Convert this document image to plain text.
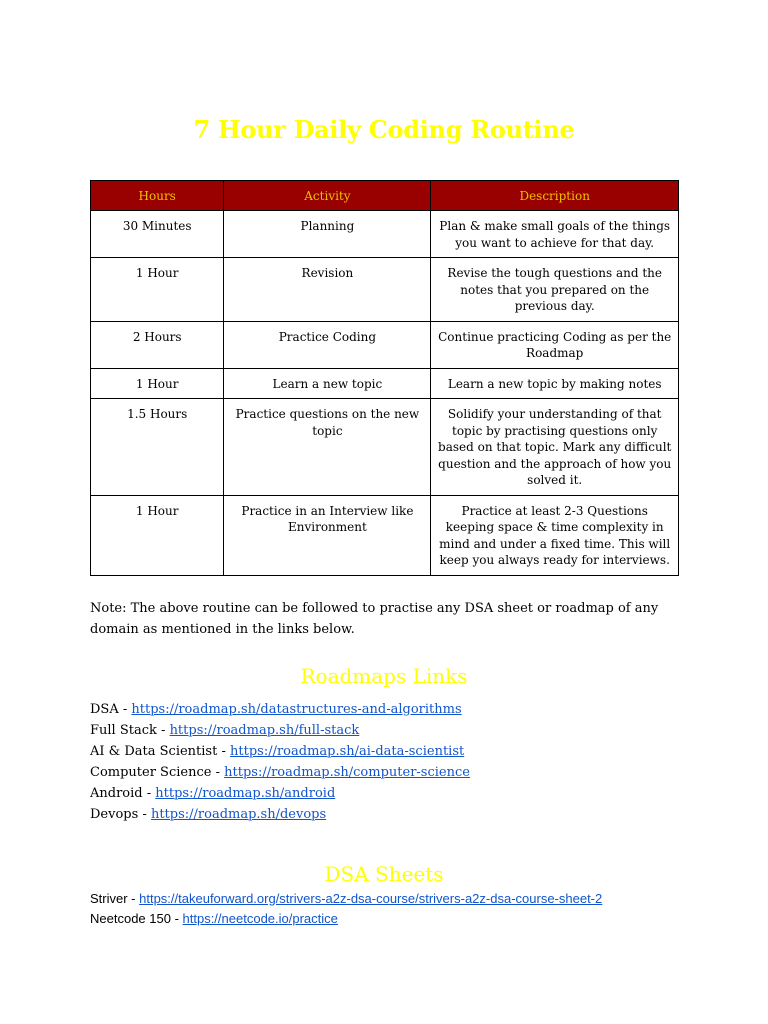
7 Hour Daily Coding Routine
Hours	Activity	Description
30 Minutes	Planning	Plan & make small goals of the things you want to achieve for that day.
1 Hour	Revision	Revise the tough questions and the notes that you prepared on the previous day.
2 Hours	Practice Coding	Continue practicing Coding as per the Roadmap
1 Hour	Learn a new topic	Learn a new topic by making notes
1.5 Hours	Practice questions on the new topic	Solidify your understanding of that topic by practising questions only based on that topic. Mark any difficult question and the approach of how you solved it.
1 Hour	Practice in an Interview like Environment	Practice at least 2-3 Questions keeping space & time complexity in mind and under a fixed time. This will keep you always ready for interviews.
Note: The above routine can be followed to practise any DSA sheet or roadmap of any domain as mentioned in the links below.
Roadmaps Links
DSA - https://roadmap.sh/datastructures-and-algorithms
Full Stack - https://roadmap.sh/full-stack
AI & Data Scientist - https://roadmap.sh/ai-data-scientist
Computer Science - https://roadmap.sh/computer-science
Android - https://roadmap.sh/android
Devops - https://roadmap.sh/devops
DSA Sheets
Striver - https://takeuforward.org/strivers-a2z-dsa-course/strivers-a2z-dsa-course-sheet-2
Neetcode 150 - https://neetcode.io/practice
